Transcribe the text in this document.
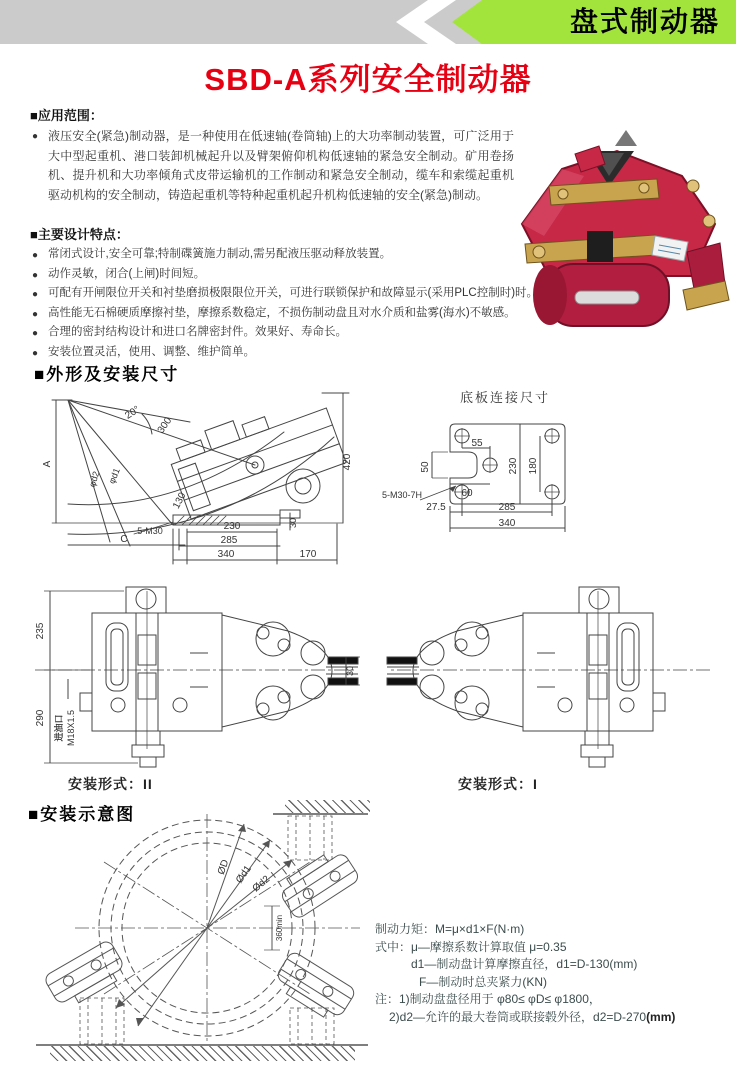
盘式制动器
SBD-A系列安全制动器
■应用范围：
● 液压安全(紧急)制动器，是一种使用在低速轴(卷筒轴)上的大功率制动装置，可广泛用于大中型起重机、港口装卸机械起升以及臂架俯仰机构低速轴的紧急安全制动。矿用卷扬机、提升机和大功率倾角式皮带运输机的工作制动和紧急安全制动，缆车和索缆起重机驱动机构的安全制动，铸造起重机等特种起重机起升机构低速轴的安全(紧急)制动。
■主要设计特点：
● 常闭式设计,安全可靠;特制碟簧施力制动,需另配液压驱动释放装置。
● 动作灵敏，闭合(上闸)时间短。
● 可配有开闸限位开关和衬垫磨损极限限位开关，可进行联锁保护和故障显示(采用PLC控制时)时。
● 高性能无石棉硬质摩擦衬垫，摩擦系数稳定，不损伤制动盘且对水介质和盐雾(海水)不敏感。
● 合理的密封结构设计和进口名牌密封件。效果好、寿命长。
● 安装位置灵活，使用、调整、维护简单。
■外形及安装尺寸
A
20°
300
φd2 φd1
130
5-M30
C
230
285
340	170
30
420
底板连接尺寸
55
50
60
230 180
5-M30-7H
27.5	285
340
235
290 进油口 M18X1.5
30
安装形式：II	安装形式：I
■安装示意图
ØD Ød1
Ød2
360min	制动力矩：M=μ×d1×F(N·m)
式中：μ—摩擦系数计算取值 μ=0.35
d1—制动盘计算摩擦直径，d1=D-130(mm)
F—制动时总夹紧力(KN)
注：1)制动盘盘径用于 φ80≤ φD≤ φ1800，
2)d2—允许的最大卷筒或联接毂外径，d2=D-270(mm)
